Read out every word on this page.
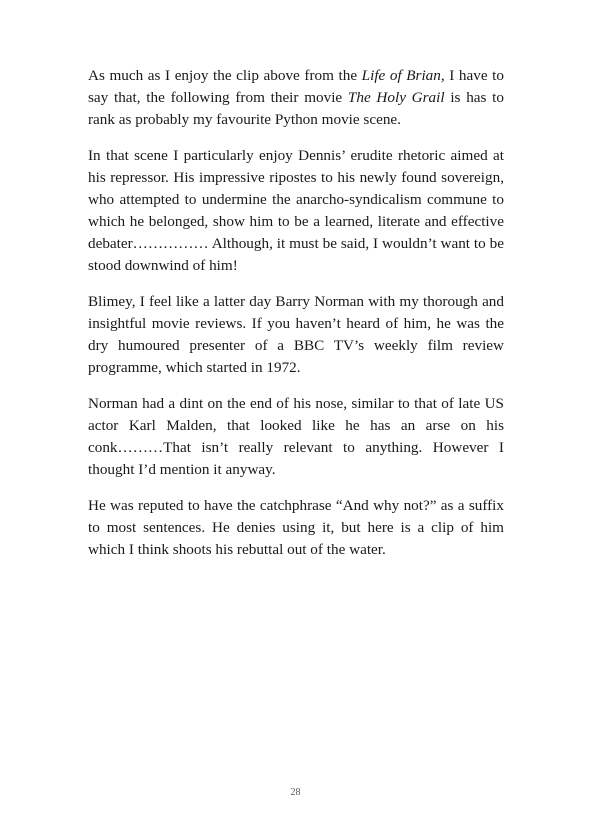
As much as I enjoy the clip above from the Life of Brian, I have to say that, the following from their movie The Holy Grail is has to rank as probably my favourite Python movie scene.

In that scene I particularly enjoy Dennis’ erudite rhetoric aimed at his repressor. His impressive ripostes to his newly found sovereign, who attempted to undermine the anarcho-syndicalism commune to which he belonged, show him to be a learned, literate and effective debater…………… Although, it must be said, I wouldn’t want to be stood downwind of him!

Blimey, I feel like a latter day Barry Norman with my thorough and insightful movie reviews. If you haven’t heard of him, he was the dry humoured presenter of a BBC TV’s weekly film review programme, which started in 1972.

Norman had a dint on the end of his nose, similar to that of late US actor Karl Malden, that looked like he has an arse on his conk………That isn’t really relevant to anything. However I thought I’d mention it anyway.

He was reputed to have the catchphrase “And why not?” as a suffix to most sentences. He denies using it, but here is a clip of him which I think shoots his rebuttal out of the water.

28
